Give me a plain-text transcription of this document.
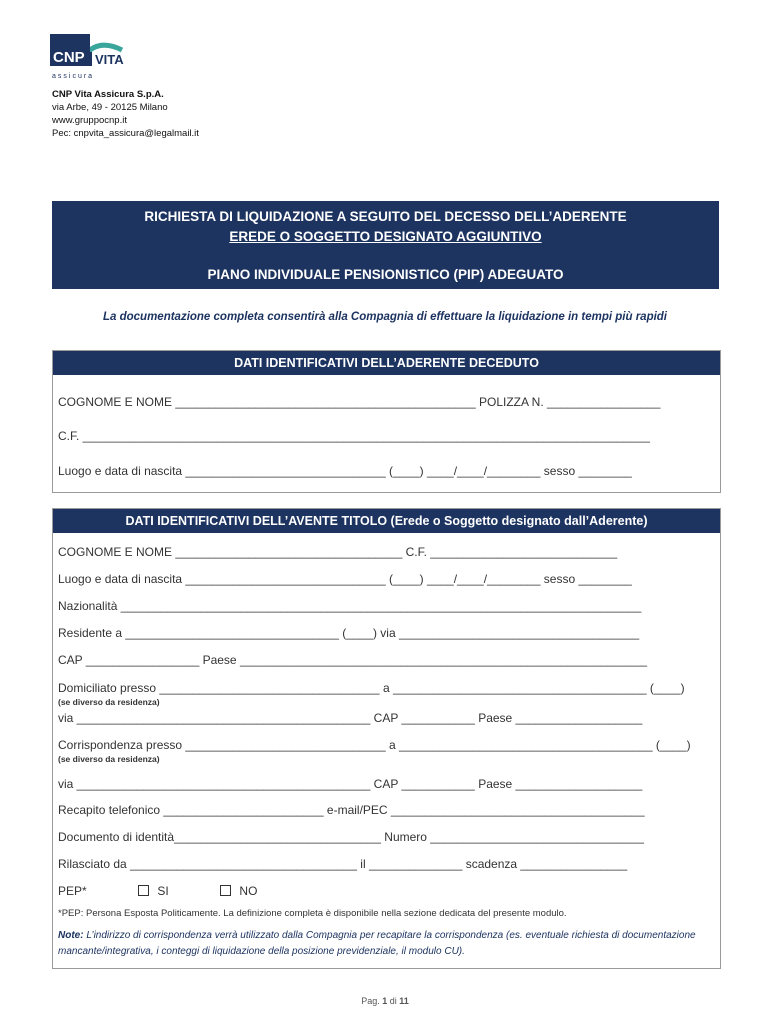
CNP VITA
assicura
CNP Vita Assicura S.p.A.
via Arbe, 49 - 20125 Milano
www.gruppocnp.it
Pec: cnpvita_assicura@legalmail.it
RICHIESTA DI LIQUIDAZIONE A SEGUITO DEL DECESSO DELL’ADERENTE
EREDE O SOGGETTO DESIGNATO AGGIUNTIVO
PIANO INDIVIDUALE PENSIONISTICO (PIP) ADEGUATO
La documentazione completa consentirà alla Compagnia di effettuare la liquidazione in tempi più rapidi
DATI IDENTIFICATIVI DELL’ADERENTE DECEDUTO
COGNOME E NOME _____________________________________________ POLIZZA N. _________________
C.F. _____________________________________________________________________________________
Luogo e data di nascita ______________________________ (____) ____/____/________ sesso ________
DATI IDENTIFICATIVI DELL’AVENTE TITOLO (Erede o Soggetto designato dall’Aderente)
COGNOME E NOME __________________________________ C.F. ____________________________
Luogo e data di nascita ______________________________ (____) ____/____/________ sesso ________
Nazionalità ______________________________________________________________________________
Residente a ________________________________ (____) via ____________________________________
CAP _________________ Paese _____________________________________________________________
Domiciliato presso _________________________________ a ______________________________________ (____)
(se diverso da residenza)
via ____________________________________________ CAP ___________ Paese ___________________
Corrispondenza presso ______________________________ a ______________________________________ (____)
(se diverso da residenza)
via ____________________________________________ CAP ___________ Paese ___________________
Recapito telefonico ________________________ e-mail/PEC ______________________________________
Documento di identità_______________________________ Numero ________________________________
Rilasciato da __________________________________ il ______________ scadenza ________________
PEP*	SI	NO
*PEP: Persona Esposta Politicamente. La definizione completa è disponibile nella sezione dedicata del presente modulo.
Note: L’indirizzo di corrispondenza verrà utilizzato dalla Compagnia per recapitare la corrispondenza (es. eventuale richiesta di documentazione mancante/integrativa, i conteggi di liquidazione della posizione previdenziale, il modulo CU).
Pag. 1 di 11
